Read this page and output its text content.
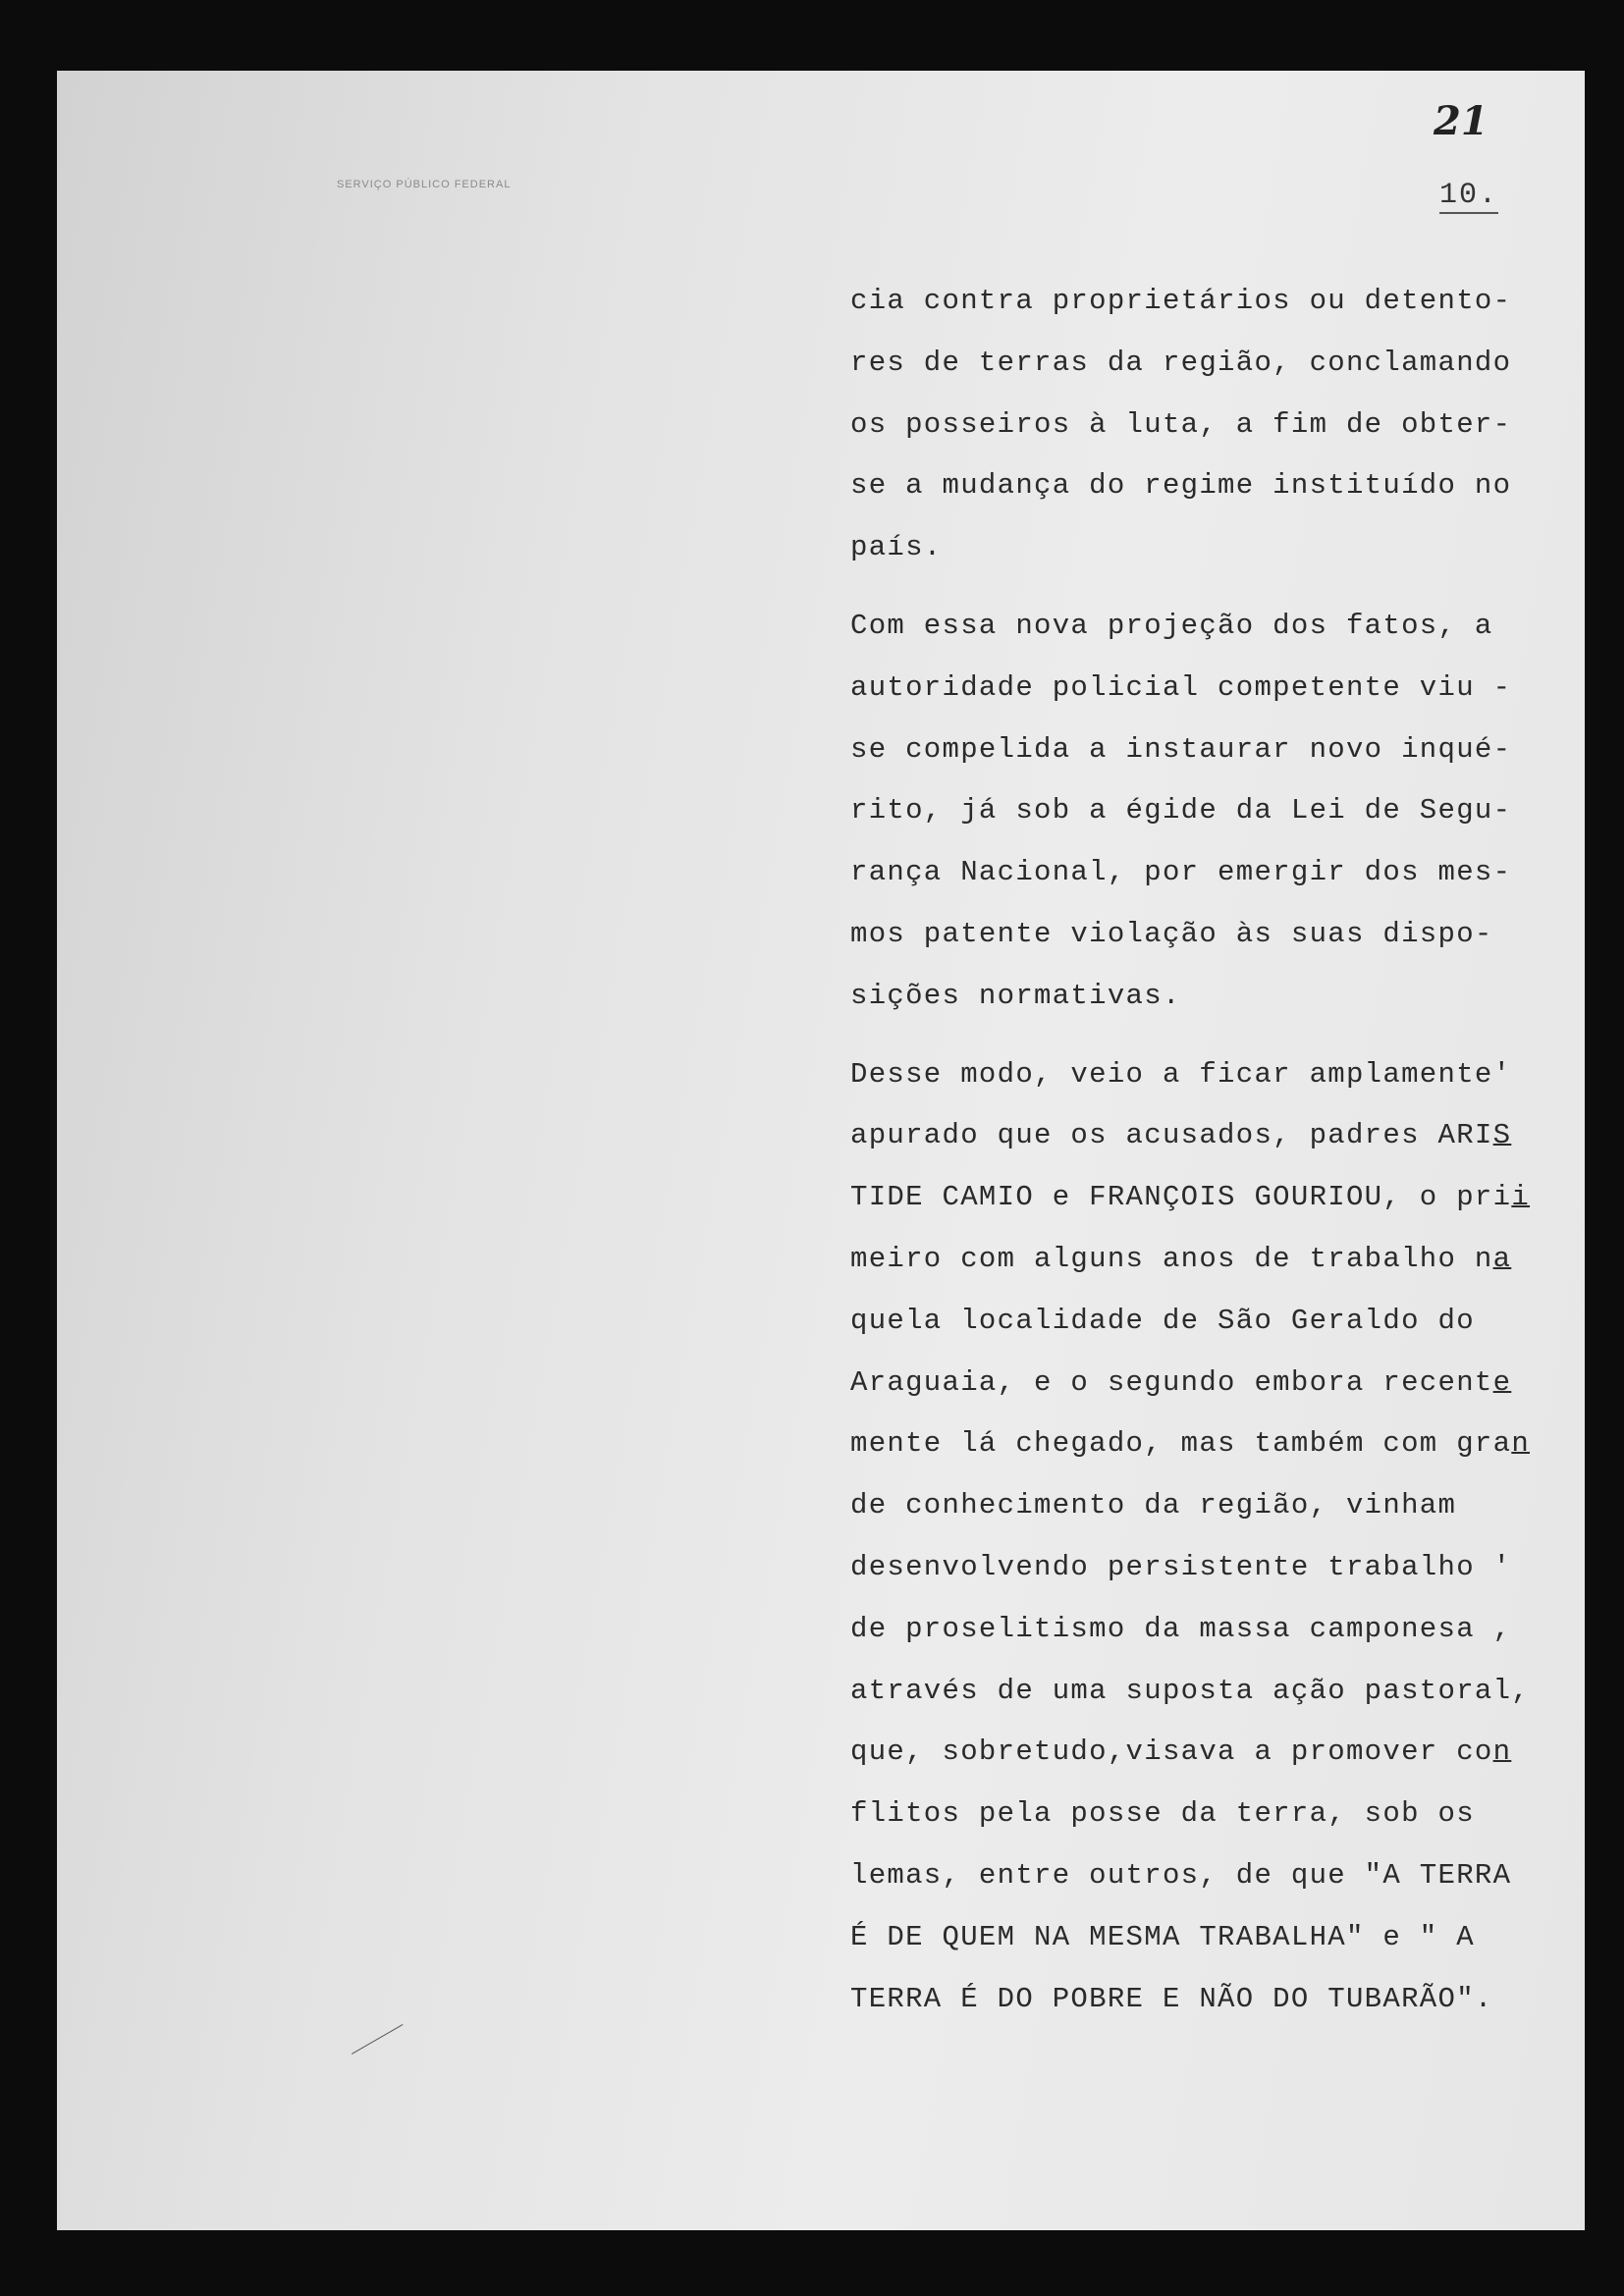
21
SERVIÇO PÚBLICO FEDERAL	10.

cia contra proprietários ou detento-
res de terras da região, conclamando
os posseiros à luta, a fim de obter-
se a mudança do regime instituído no
país.

Com essa nova projeção dos fatos, a
autoridade policial competente viu -
se compelida a instaurar novo inqué-
rito, já sob a égide da Lei de Segu-
rança Nacional, por emergir dos mes-
mos patente violação às suas dispo-
sições normativas.

Desse modo, veio a ficar amplamente'
apurado que os acusados, padres ARIS
TIDE CAMIO e FRANÇOIS GOURIOU, o prii
meiro com alguns anos de trabalho na
quela localidade de São Geraldo do
Araguaia, e o segundo embora recente
mente lá chegado, mas também com gran
de conhecimento da região, vinham
desenvolvendo persistente trabalho '
de proselitismo da massa camponesa ,
através de uma suposta ação pastoral,
que, sobretudo,visava a promover con
flitos pela posse da terra, sob os
lemas, entre outros, de que "A TERRA
É DE QUEM NA MESMA TRABALHA" e " A
TERRA É DO POBRE E NÃO DO TUBARÃO".
